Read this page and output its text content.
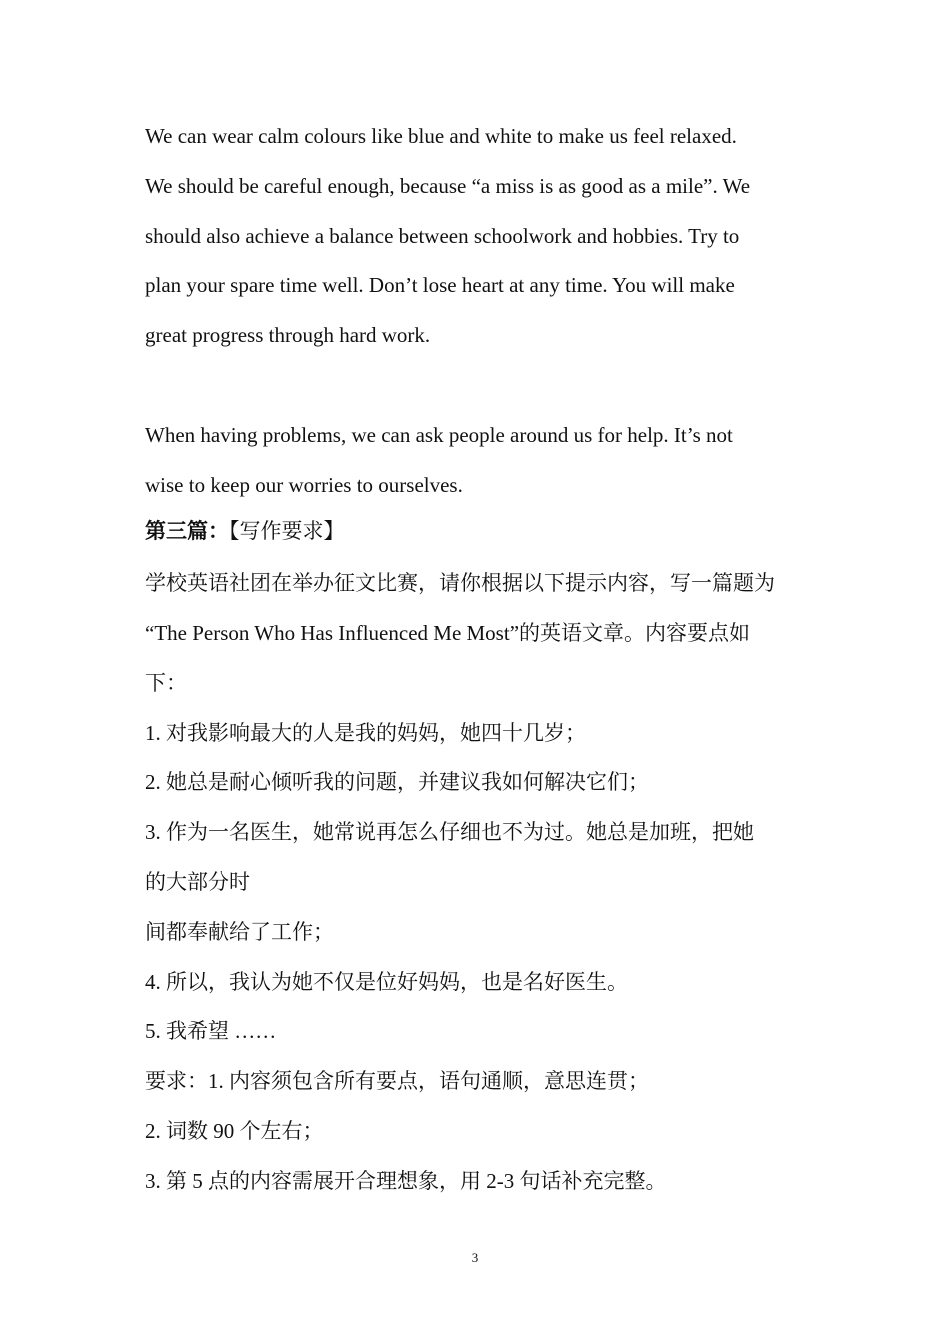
We can wear calm colours like blue and white to make us feel relaxed.
We should be careful enough, because “a miss is as good as a mile”. We
should also achieve a balance between schoolwork and hobbies. Try to
plan your spare time well. Don’t lose heart at any time. You will make
great progress through hard work.
When having problems, we can ask people around us for help. It’s not
wise to keep our worries to ourselves.
第三篇：【写作要求】
学校英语社团在举办征文比赛，请你根据以下提示内容，写一篇题为
“The Person Who Has Influenced Me Most”的英语文章。内容要点如
下：
1. 对我影响最大的人是我的妈妈，她四十几岁；
2. 她总是耐心倾听我的问题，并建议我如何解决它们；
3. 作为一名医生，她常说再怎么仔细也不为过。她总是加班，把她
的大部分时
间都奉献给了工作；
4. 所以，我认为她不仅是位好妈妈，也是名好医生。
5. 我希望 ……
要求：1. 内容须包含所有要点，语句通顺，意思连贯；
2. 词数 90 个左右；
3. 第 5 点的内容需展开合理想象，用 2-3 句话补充完整。
3
